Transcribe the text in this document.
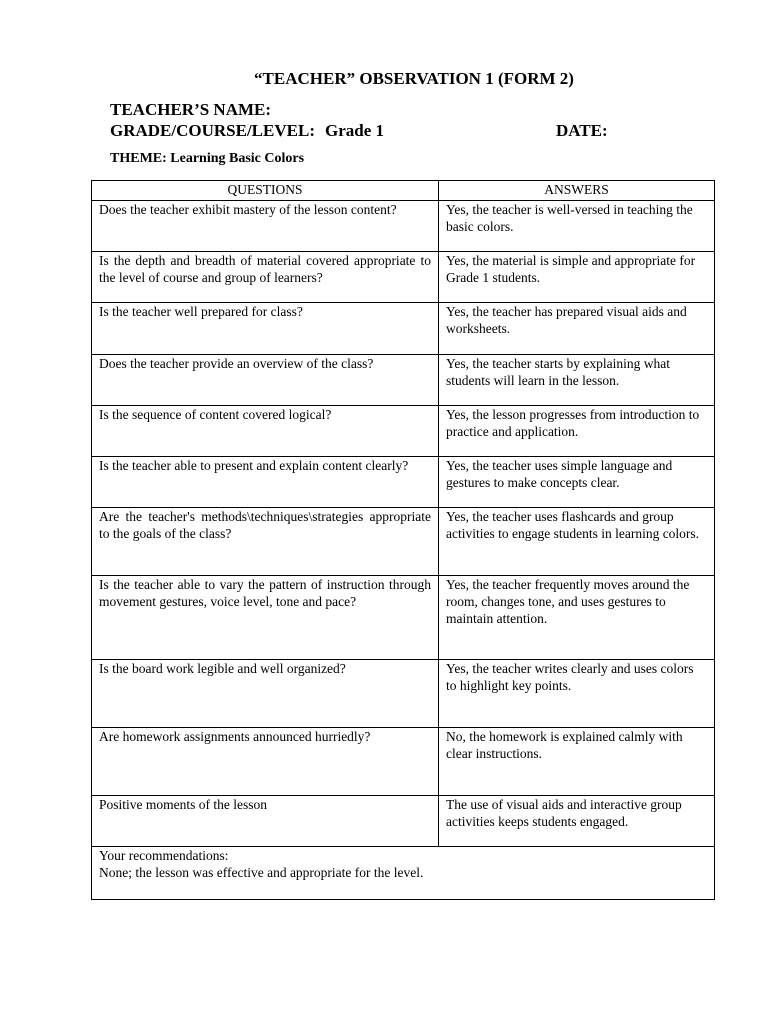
“TEACHER” OBSERVATION 1 (FORM 2)
TEACHER’S NAME:
GRADE/COURSE/LEVEL: Grade 1	DATE:
THEME: Learning Basic Colors
QUESTIONS	ANSWERS
Does the teacher exhibit mastery of the lesson content?	Yes, the teacher is well-versed in teaching the basic colors.
Is the depth and breadth of material covered appropriate to the level of course and group of learners?	Yes, the material is simple and appropriate for Grade 1 students.
Is the teacher well prepared for class?	Yes, the teacher has prepared visual aids and worksheets.
Does the teacher provide an overview of the class?	Yes, the teacher starts by explaining what students will learn in the lesson.
Is the sequence of content covered logical?	Yes, the lesson progresses from introduction to practice and application.
Is the teacher able to present and explain content clearly?	Yes, the teacher uses simple language and gestures to make concepts clear.
Are the teacher's methods\techniques\strategies appropriate to the goals of the class?	Yes, the teacher uses flashcards and group activities to engage students in learning colors.
Is the teacher able to vary the pattern of instruction through movement gestures, voice level, tone and pace?	Yes, the teacher frequently moves around the room, changes tone, and uses gestures to maintain attention.
Is the board work legible and well organized?	Yes, the teacher writes clearly and uses colors to highlight key points.
Are homework assignments announced hurriedly?	No, the homework is explained calmly with clear instructions.
Positive moments of the lesson	The use of visual aids and interactive group activities keeps students engaged.

Your recommendations:
None; the lesson was effective and appropriate for the level.	
